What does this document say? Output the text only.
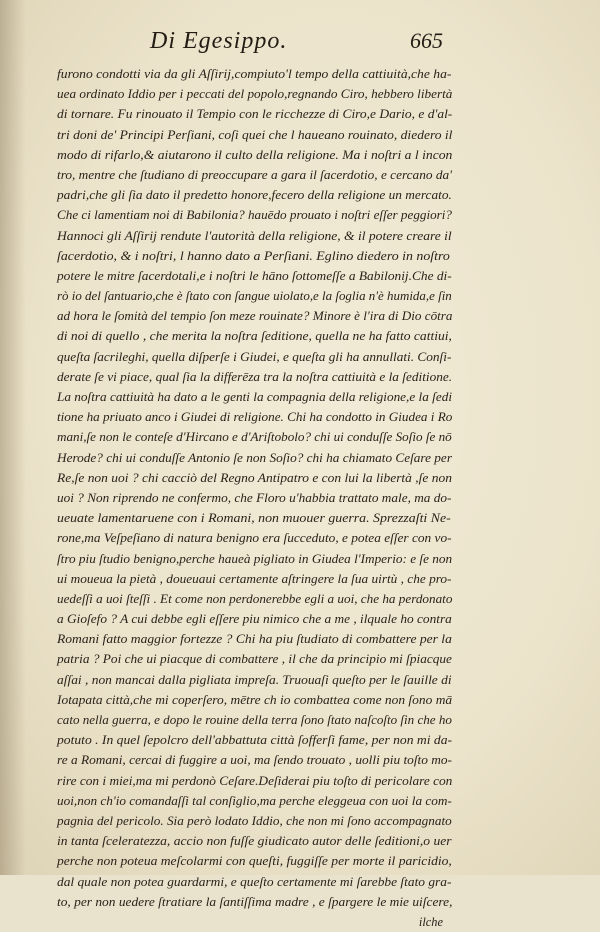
Di Egesippo.	665
furono condotti via da gli Aſſirij,compiuto'l tempo della cattiuità,che ha-
uea ordinato Iddio per i peccati del popolo,regnando Ciro, hebbero libertà
di tornare. Fu rinouato il Tempio con le ricchezze di Ciro,e Dario, e d'al-
tri doni de' Principi Perſiani, coſi quei che l haueano rouinato, diedero il
modo di rifarlo,& aiutarono il culto della religione. Ma i noſtri a l incon
tro, mentre che ſtudiano di preoccupare a gara il ſacerdotio, e cercano da'
padri,che gli ſia dato il predetto honore,fecero della religione un mercato.
Che ci lamentiam noi di Babilonia? hauēdo prouato i noſtri eſſer peggiori?
Hannoci gli Aſſirij rendute l'autorità della religione, & il potere creare il
ſacerdotio, & i noſtri, l hanno dato a Perſiani. Eglino diedero in noſtro
potere le mitre ſacerdotali,e i noſtri le hāno ſottomeſſe a Babilonij.Che di-
rò io del ſantuario,che è ſtato con ſangue uiolato,e la ſoglia n'è humida,e ſin
ad hora le ſomità del tempio ſon meze rouinate? Minore è l'ira di Dio cōtra
di noi di quello , che merita la noſtra ſeditione, quella ne ha fatto cattiui,
queſta ſacrileghi, quella diſperſe i Giudei, e queſta gli ha annullati. Conſi-
derate ſe vi piace, qual ſia la differēza tra la noſtra cattiuità e la ſeditione.
La noſtra cattiuità ha dato a le genti la compagnia della religione,e la ſedi
tione ha priuato anco i Giudei di religione. Chi ha condotto in Giudea i Ro
mani,ſe non le conteſe d'Hircano e d'Ariſtobolo? chi ui conduſſe Soſio ſe nō
Herode? chi ui conduſſe Antonio ſe non Soſio? chi ha chiamato Ceſare per
Re,ſe non uoi ? chi cacciò del Regno Antipatro e con lui la libertà ,ſe non
uoi ? Non riprendo ne confermo, che Floro u'habbia trattato male, ma do-
ueuate lamentaruene con i Romani, non muouer guerra. Sprezzaſti Ne-
rone,ma Veſpeſiano di natura benigno era ſucceduto, e potea eſſer con vo-
ſtro piu ſtudio benigno,perche haueà pigliato in Giudea l'Imperio: e ſe non
ui moueua la pietà , doueuaui certamente aſtringere la ſua uirtù , che pro-
uedeſſi a uoi ſteſſi . Et come non perdonerebbe egli a uoi, che ha perdonato
a Gioſefo ? A cui debbe egli eſſere piu nimico che a me , ilquale ho contra
Romani fatto maggior fortezze ? Chi ha piu ſtudiato di combattere per la
patria ? Poi che ui piacque di combattere , il che da principio mi ſpiacque
aſſai , non mancai dalla pigliata impreſa. Truouaſi queſto per le ſauille di
Iotapata città,che mi coperſero, mētre ch io combattea come non ſono mā
cato nella guerra, e dopo le rouine della terra ſono ſtato naſcoſto ſin che ho
potuto . In quel ſepolcro dell'abbattuta città ſofferſi fame, per non mi da-
re a Romani, cercai di fuggire a uoi, ma ſendo trouato , uolli piu toſto mo-
rire con i miei,ma mi perdonò Ceſare.Deſiderai piu toſto di pericolare con
uoi,non ch'io comandaſſi tal conſiglio,ma perche eleggeua con uoi la com-
pagnia del pericolo. Sia però lodato Iddio, che non mi ſono accompagnato
in tanta ſceleratezza, accio non fuſſe giudicato autor delle ſeditioni,o uer
perche non poteua meſcolarmi con queſti, fuggiſſe per morte il paricidio,
dal quale non potea guardarmi, e queſto certamente mi ſarebbe ſtato gra-
to, per non uedere ſtratiare la ſantiſſima madre , e ſpargere le mie uiſcere,
ilche
